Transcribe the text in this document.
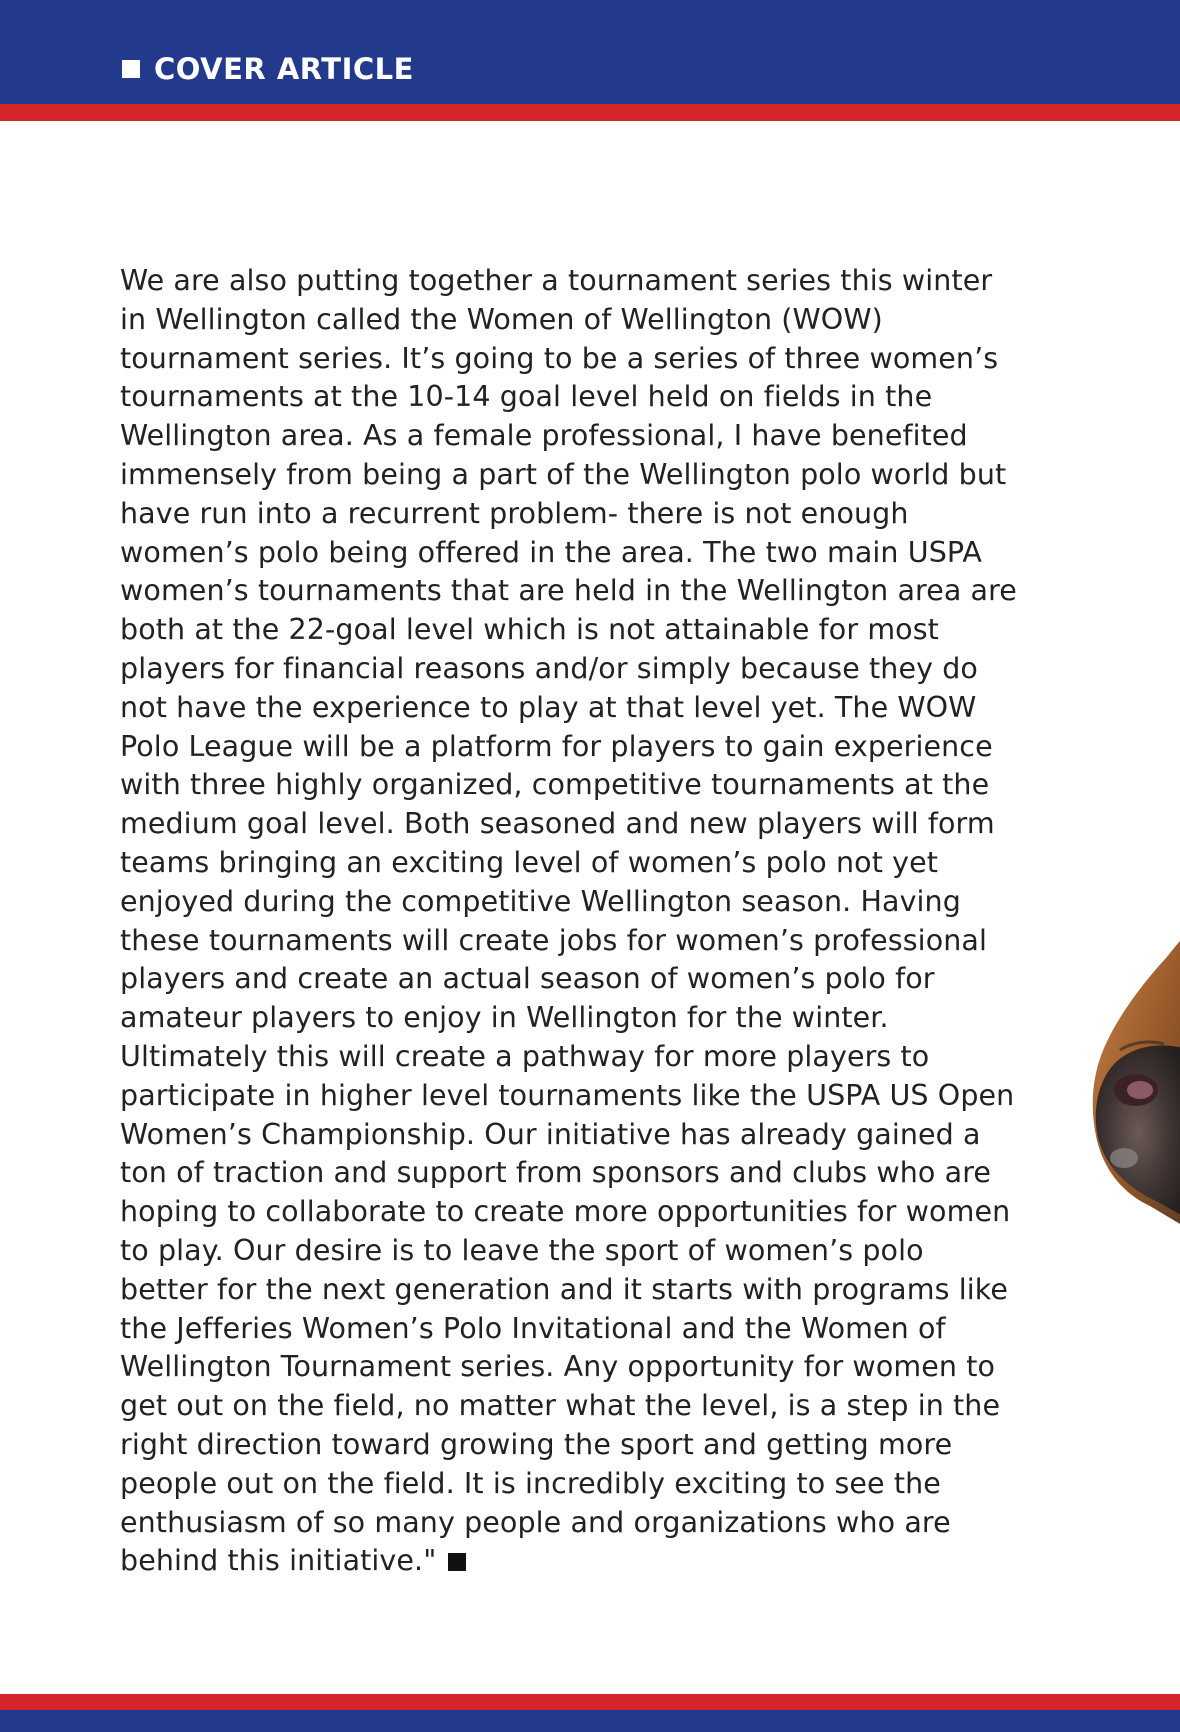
COVER ARTICLE
We are also putting together a tournament series this winter
in Wellington called the Women of Wellington (WOW)
tournament series. It’s going to be a series of three women’s
tournaments at the 10-14 goal level held on fields in the
Wellington area. As a female professional, I have benefited
immensely from being a part of the Wellington polo world but
have run into a recurrent problem- there is not enough
women’s polo being offered in the area. The two main USPA
women’s tournaments that are held in the Wellington area are
both at the 22-goal level which is not attainable for most
players for financial reasons and/or simply because they do
not have the experience to play at that level yet. The WOW
Polo League will be a platform for players to gain experience
with three highly organized, competitive tournaments at the
medium goal level. Both seasoned and new players will form
teams bringing an exciting level of women’s polo not yet
enjoyed during the competitive Wellington season. Having
these tournaments will create jobs for women’s professional
players and create an actual season of women’s polo for
amateur players to enjoy in Wellington for the winter.
Ultimately this will create a pathway for more players to
participate in higher level tournaments like the USPA US Open
Women’s Championship. Our initiative has already gained a
ton of traction and support from sponsors and clubs who are
hoping to collaborate to create more opportunities for women
to play. Our desire is to leave the sport of women’s polo
better for the next generation and it starts with programs like
the Jefferies Women’s Polo Invitational and the Women of
Wellington Tournament series. Any opportunity for women to
get out on the field, no matter what the level, is a step in the
right direction toward growing the sport and getting more
people out on the field. It is incredibly exciting to see the
enthusiasm of so many people and organizations who are
behind this initiative."
